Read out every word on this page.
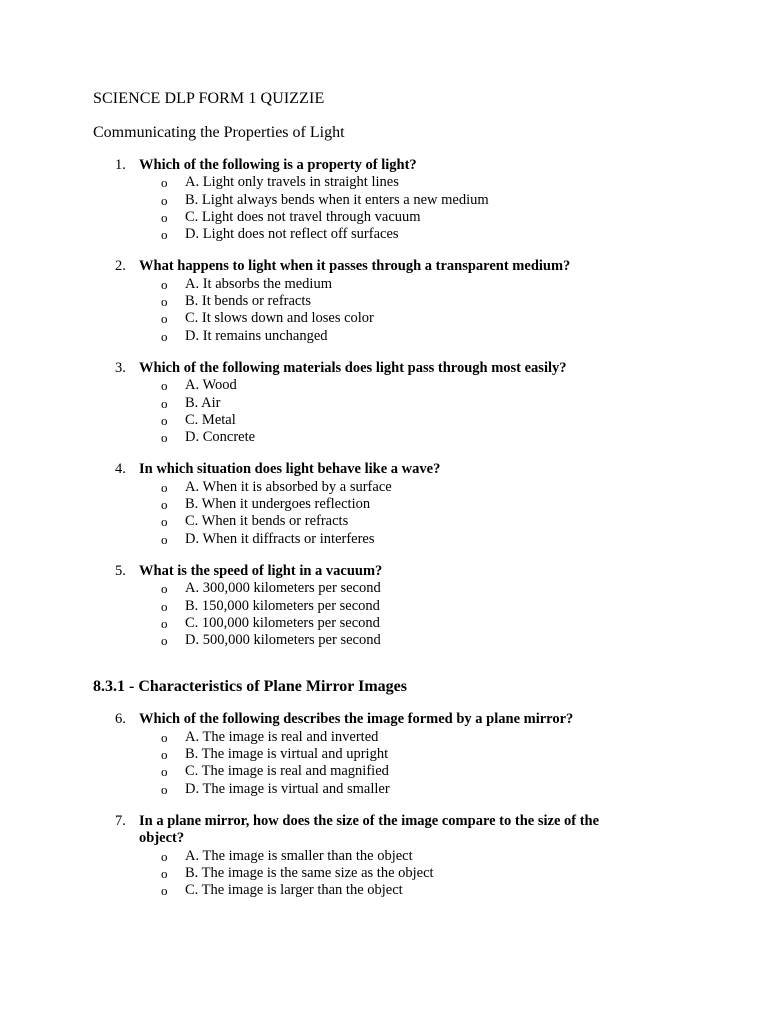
SCIENCE DLP FORM 1 QUIZZIE
Communicating the Properties of Light
1. Which of the following is a property of light?
o	A. Light only travels in straight lines
o	B. Light always bends when it enters a new medium
o	C. Light does not travel through vacuum
o	D. Light does not reflect off surfaces
2. What happens to light when it passes through a transparent medium?
o	A. It absorbs the medium
o	B. It bends or refracts
o	C. It slows down and loses color
o	D. It remains unchanged
3. Which of the following materials does light pass through most easily?
o	A. Wood
o	B. Air
o	C. Metal
o	D. Concrete
4. In which situation does light behave like a wave?
o	A. When it is absorbed by a surface
o	B. When it undergoes reflection
o	C. When it bends or refracts
o	D. When it diffracts or interferes
5. What is the speed of light in a vacuum?
o	A. 300,000 kilometers per second
o	B. 150,000 kilometers per second
o	C. 100,000 kilometers per second
o	D. 500,000 kilometers per second
8.3.1 - Characteristics of Plane Mirror Images
6. Which of the following describes the image formed by a plane mirror?
o	A. The image is real and inverted
o	B. The image is virtual and upright
o	C. The image is real and magnified
o	D. The image is virtual and smaller
7. In a plane mirror, how does the size of the image compare to the size of the object?
o	A. The image is smaller than the object
o	B. The image is the same size as the object
o	C. The image is larger than the object
